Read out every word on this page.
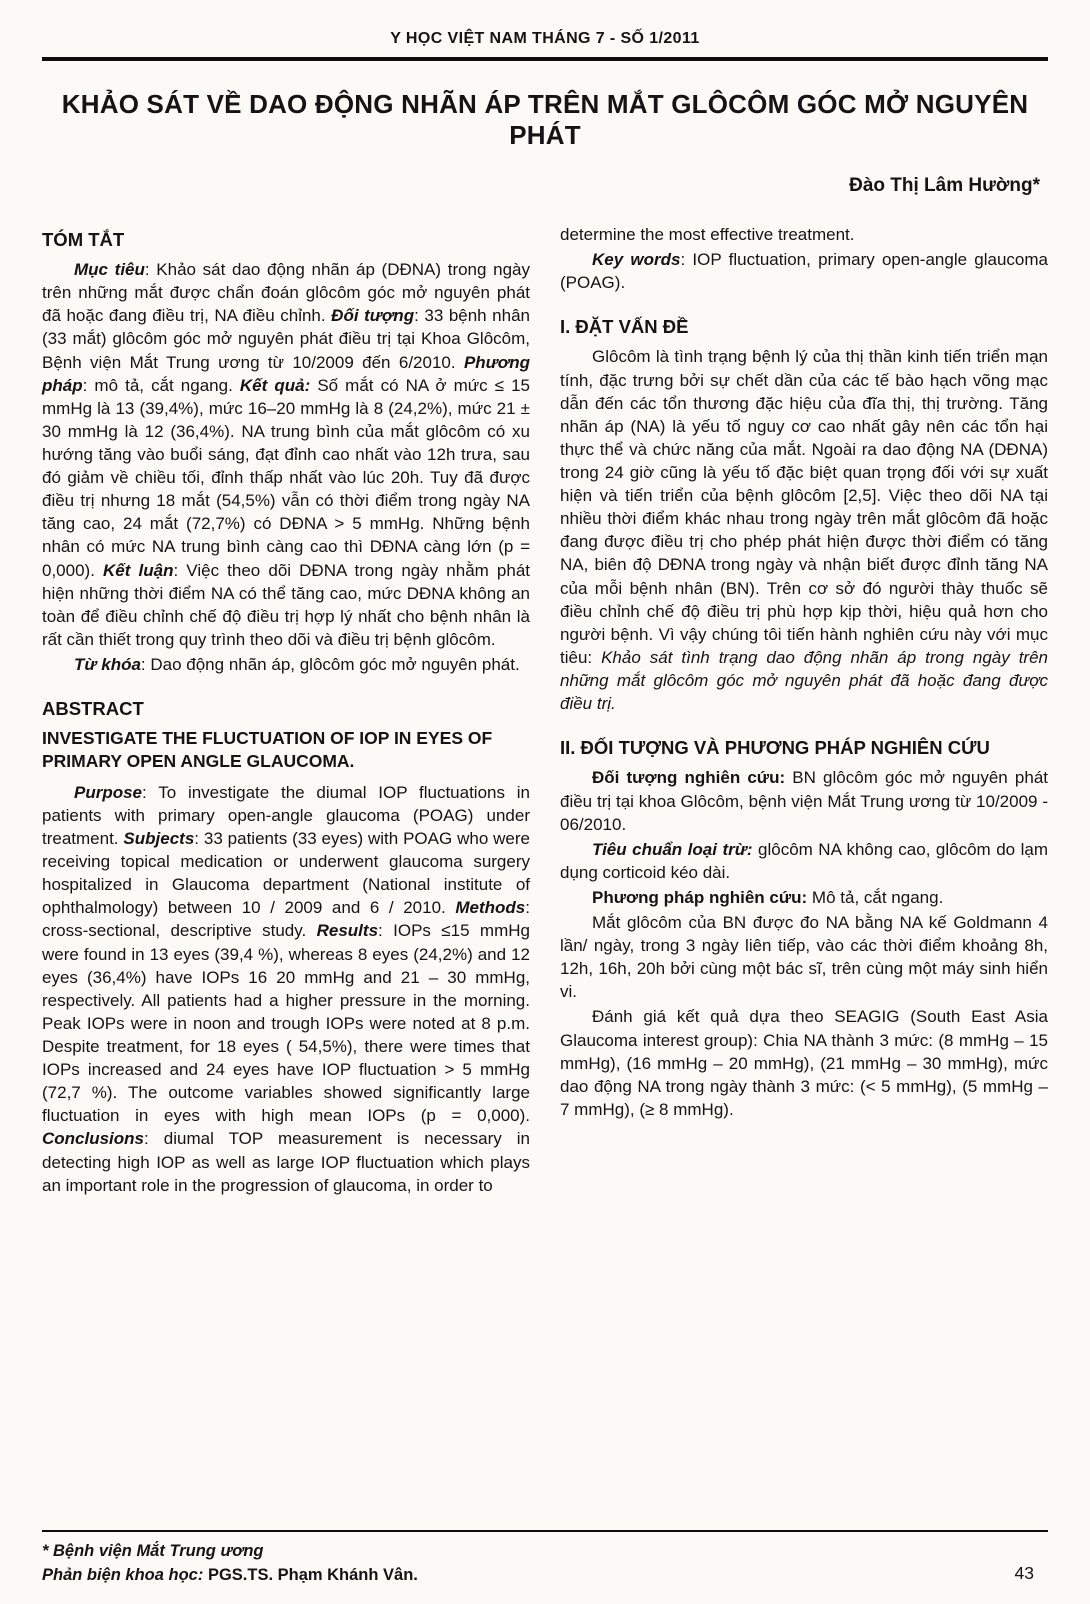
Y HỌC VIỆT NAM THÁNG 7 - SỐ 1/2011
KHẢO SÁT VỀ DAO ĐỘNG NHÃN ÁP TRÊN MẮT GLÔCÔM GÓC MỞ NGUYÊN PHÁT
Đào Thị Lâm Hường*
TÓM TẮT

Mục tiêu: Khảo sát dao động nhãn áp (DĐNA) trong ngày trên những mắt được chẩn đoán glôcôm góc mở nguyên phát đã hoặc đang điều trị, NA điều chỉnh. Đối tượng: 33 bệnh nhân (33 mắt) glôcôm góc mở nguyên phát điều trị tại Khoa Glôcôm, Bệnh viện Mắt Trung ương từ 10/2009 đến 6/2010. Phương pháp: mô tả, cắt ngang. Kết quả: Số mắt có NA ở mức ≤ 15 mmHg là 13 (39,4%), mức 16–20 mmHg là 8 (24,2%), mức 21 ± 30 mmHg là 12 (36,4%). NA trung bình của mắt glôcôm có xu hướng tăng vào buổi sáng, đạt đỉnh cao nhất vào 12h trưa, sau đó giảm về chiều tối, đỉnh thấp nhất vào lúc 20h. Tuy đã được điều trị nhưng 18 mắt (54,5%) vẫn có thời điểm trong ngày NA tăng cao, 24 mắt (72,7%) có DĐNA > 5 mmHg. Những bệnh nhân có mức NA trung bình càng cao thì DĐNA càng lớn (p = 0,000). Kết luận: Việc theo dõi DĐNA trong ngày nhằm phát hiện những thời điểm NA có thể tăng cao, mức DĐNA không an toàn để điều chỉnh chế độ điều trị hợp lý nhất cho bệnh nhân là rất cần thiết trong quy trình theo dõi và điều trị bệnh glôcôm.

Từ khóa: Dao động nhãn áp, glôcôm góc mở nguyên phát.

ABSTRACT
INVESTIGATE THE FLUCTUATION OF IOP IN EYES OF PRIMARY OPEN ANGLE GLAUCOMA.

Purpose: To investigate the diumal IOP fluctuations in patients with primary open-angle glaucoma (POAG) under treatment. Subjects: 33 patients (33 eyes) with POAG who were receiving topical medication or underwent glaucoma surgery hospitalized in Glaucoma department (National institute of ophthalmology) between 10 / 2009 and 6 / 2010. Methods: cross-sectional, descriptive study. Results: IOPs ≤15 mmHg were found in 13 eyes (39,4 %), whereas 8 eyes (24,2%) and 12 eyes (36,4%) have IOPs 16 20 mmHg and 21 – 30 mmHg, respectively. All patients had a higher pressure in the morning. Peak IOPs were in noon and trough IOPs were noted at 8 p.m. Despite treatment, for 18 eyes ( 54,5%), there were times that IOPs increased and 24 eyes have IOP fluctuation > 5 mmHg (72,7 %). The outcome variables showed significantly large fluctuation in eyes with high mean IOPs (p = 0,000). Conclusions: diumal TOP measurement is necessary in detecting high IOP as well as large IOP fluctuation which plays an important role in the progression of glaucoma, in order to

determine the most effective treatment.

Key words: IOP fluctuation, primary open-angle glaucoma (POAG).

I. ĐẶT VẤN ĐỀ

Glôcôm là tình trạng bệnh lý của thị thần kinh tiến triển mạn tính, đặc trưng bởi sự chết dần của các tế bào hạch võng mạc dẫn đến các tổn thương đặc hiệu của đĩa thị, thị trường. Tăng nhãn áp (NA) là yếu tố nguy cơ cao nhất gây nên các tổn hại thực thể và chức năng của mắt. Ngoài ra dao động NA (DĐNA) trong 24 giờ cũng là yếu tố đặc biệt quan trọng đối với sự xuất hiện và tiến triển của bệnh glôcôm [2,5]. Việc theo dõi NA tại nhiều thời điểm khác nhau trong ngày trên mắt glôcôm đã hoặc đang được điều trị cho phép phát hiện được thời điểm có tăng NA, biên độ DĐNA trong ngày và nhận biết được đỉnh tăng NA của mỗi bệnh nhân (BN). Trên cơ sở đó người thày thuốc sẽ điều chỉnh chế độ điều trị phù hợp kịp thời, hiệu quả hơn cho người bệnh. Vì vậy chúng tôi tiến hành nghiên cứu này với mục tiêu: Khảo sát tình trạng dao động nhãn áp trong ngày trên những mắt glôcôm góc mở nguyên phát đã hoặc đang được điều trị.

II. ĐỐI TƯỢNG VÀ PHƯƠNG PHÁP NGHIÊN CỨU

Đối tượng nghiên cứu: BN glôcôm góc mở nguyên phát điều trị tại khoa Glôcôm, bệnh viện Mắt Trung ương từ 10/2009 - 06/2010.

Tiêu chuẩn loại trừ: glôcôm NA không cao, glôcôm do lạm dụng corticoid kéo dài.

Phương pháp nghiên cứu: Mô tả, cắt ngang.

Mắt glôcôm của BN được đo NA bằng NA kế Goldmann 4 lần/ ngày, trong 3 ngày liên tiếp, vào các thời điểm khoảng 8h, 12h, 16h, 20h bởi cùng một bác sĩ, trên cùng một máy sinh hiển vi.

Đánh giá kết quả dựa theo SEAGIG (South East Asia Glaucoma interest group): Chia NA thành 3 mức: (8 mmHg – 15 mmHg), (16 mmHg – 20 mmHg), (21 mmHg – 30 mmHg), mức dao động NA trong ngày thành 3 mức: (< 5 mmHg), (5 mmHg – 7 mmHg), (≥ 8 mmHg).

* Bệnh viện Mắt Trung ương
Phản biện khoa học: PGS.TS. Phạm Khánh Vân.	43
